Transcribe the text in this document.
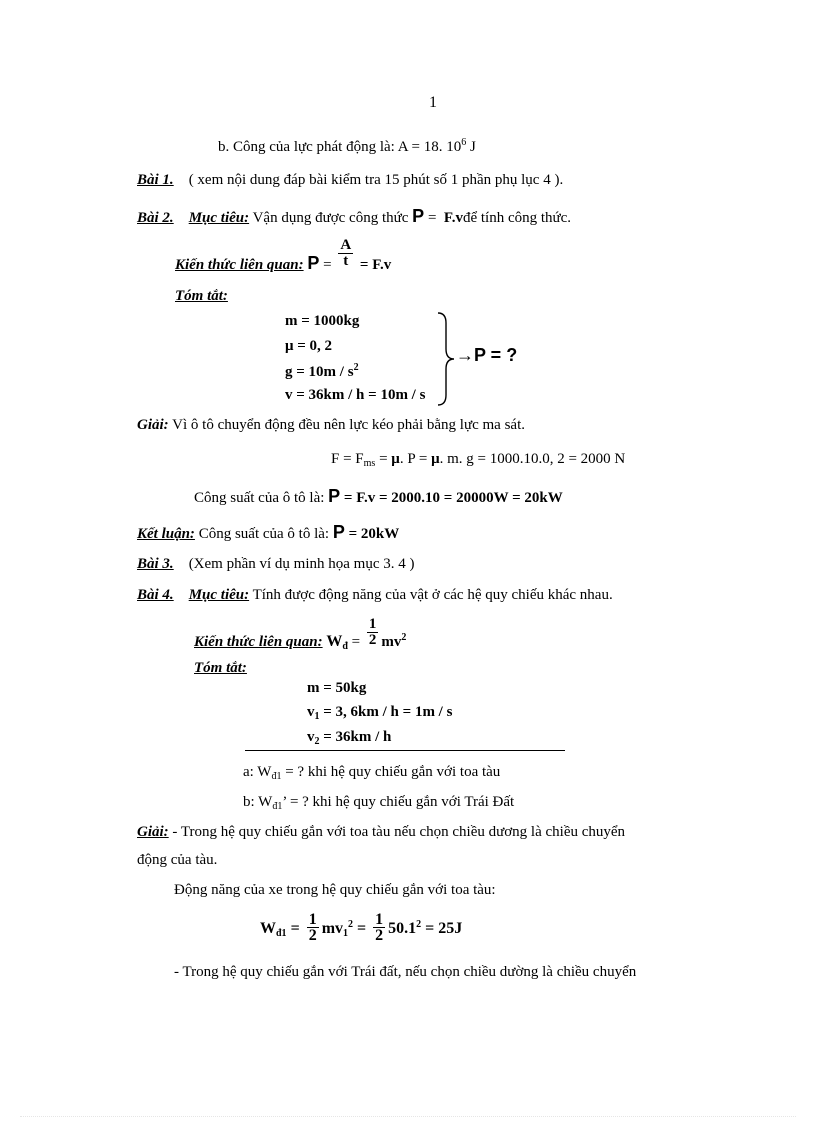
1
b. Công của lực phát động là: A = 18. $10^6$ J
Bài 1. ( xem nội dung đáp bài kiểm tra 15 phút số 1 phần phụ lục 4 ).
Bài 2. Mục tiêu: Vận dụng được công thức P =  F.vđể tính công thức.
Kiến thức liên quan: $P = \frac{A}{t} = F.v$
Tóm tắt:
m = 1000kg
μ = 0, 2
$g = 10m / s^2$
v = 36km / h = 10m / s
→P = ?
Giải: Vì ô tô chuyển động đều nên lực kéo phải bằng lực ma sát.
$F = F_{ms} = \mu$. P = μ. m. g = 1000.10.0, 2 = 2000 N
Công suất của ô tô là: P = F.v = 2000.10 = 20000W = 20kW
Kết luận: Công suất của ô tô là: P = 20kW
Bài 3. (Xem phần ví dụ minh họa mục 3. 4 )
Bài 4. Mục tiêu: Tính được động năng của vật ở các hệ quy chiếu khác nhau.
Kiến thức liên quan: $W_đ = \frac{1}{2} mv^2$
Tóm tắt:
m = 50kg
$v_1 = 3$, 6km / h = 1m / s
$v_2 = 36km / h$
a: $W_{đ1}$ = ? khi hệ quy chiếu gắn với toa tàu
b: $W_{đ1}$’ = ? khi hệ quy chiếu gắn với Trái Đất
Giải: - Trong hệ quy chiếu gắn với toa tàu nếu chọn chiều dương là chiều chuyển
động của tàu.
Động năng của xe trong hệ quy chiếu gắn với toa tàu:
$W_{đ1} = \frac{1}{2} mv_1^2 = \frac{1}{2} 50.1^2 = 25J$
- Trong hệ quy chiếu gắn với Trái đất, nếu chọn chiều dường là chiều chuyển
